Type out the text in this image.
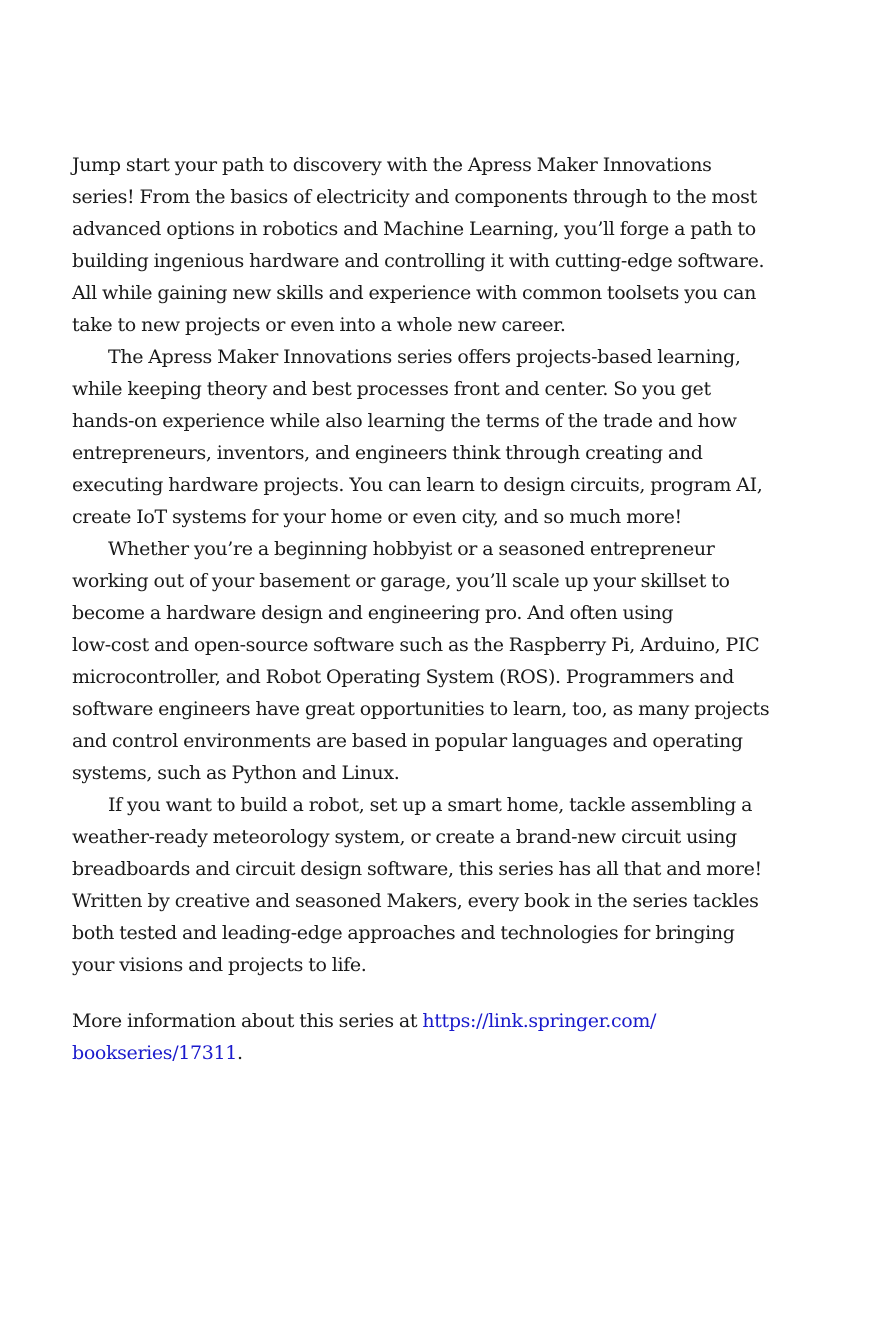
Jump start your path to discovery with the Apress Maker Innovations
series! From the basics of electricity and components through to the most
advanced options in robotics and Machine Learning, you’ll forge a path to
building ingenious hardware and controlling it with cutting-edge software.
All while gaining new skills and experience with common toolsets you can
take to new projects or even into a whole new career.
The Apress Maker Innovations series offers projects-based learning,
while keeping theory and best processes front and center. So you get
hands-on experience while also learning the terms of the trade and how
entrepreneurs, inventors, and engineers think through creating and
executing hardware projects. You can learn to design circuits, program AI,
create IoT systems for your home or even city, and so much more!
Whether you’re a beginning hobbyist or a seasoned entrepreneur
working out of your basement or garage, you’ll scale up your skillset to
become a hardware design and engineering pro. And often using
low-cost and open-source software such as the Raspberry Pi, Arduino, PIC
microcontroller, and Robot Operating System (ROS). Programmers and
software engineers have great opportunities to learn, too, as many projects
and control environments are based in popular languages and operating
systems, such as Python and Linux.
If you want to build a robot, set up a smart home, tackle assembling a
weather-ready meteorology system, or create a brand-new circuit using
breadboards and circuit design software, this series has all that and more!
Written by creative and seasoned Makers, every book in the series tackles
both tested and leading-edge approaches and technologies for bringing
your visions and projects to life.
More information about this series at https://link.springer.com/
bookseries/17311.
